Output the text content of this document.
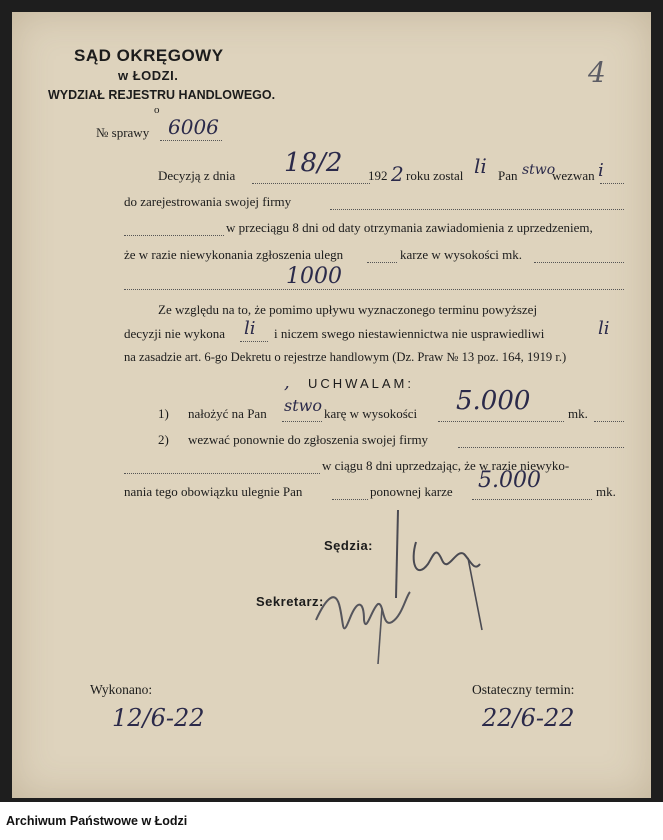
SĄD OKRĘGOWY
w ŁODZI.
WYDZIAŁ REJESTRU HANDLOWEGO.
o
4
№ sprawy 6006
Decyzją z dnia 18/2 192 2 roku zostal li Pan stwo
wezwan i
do zarejestrowania swojej firmy
w przeciągu 8 dni od daty otrzymania zawiadomienia z uprzedzeniem,
że w razie niewykonania zgłoszenia ulegn	karze w wysokości mk.
1000
Ze względu na to, że pomimo upływu wyznaczonego terminu powyższej
decyzji nie wykona li i niczem swego niestawiennictwa nie usprawiedliwi	li
na zasadzie art. 6-go Dekretu o rejestrze handlowym (Dz. Praw № 13 poz. 164, 1919 r.)
, UCHWALAM:
1) nałożyć na Pan stwo karę w wysokości 5.000	mk.
2) wezwać ponownie do zgłoszenia swojej firmy
w ciągu 8 dni uprzedzając, że w razie niewyko-
nania tego obowiązku ulegnie Pan	ponownej karze 5.000	mk.
Sędzia:
Sekretarz:
Wykonano:
12/6-22
Ostateczny termin:
22/6-22
Archiwum Państwowe w Łodzi
